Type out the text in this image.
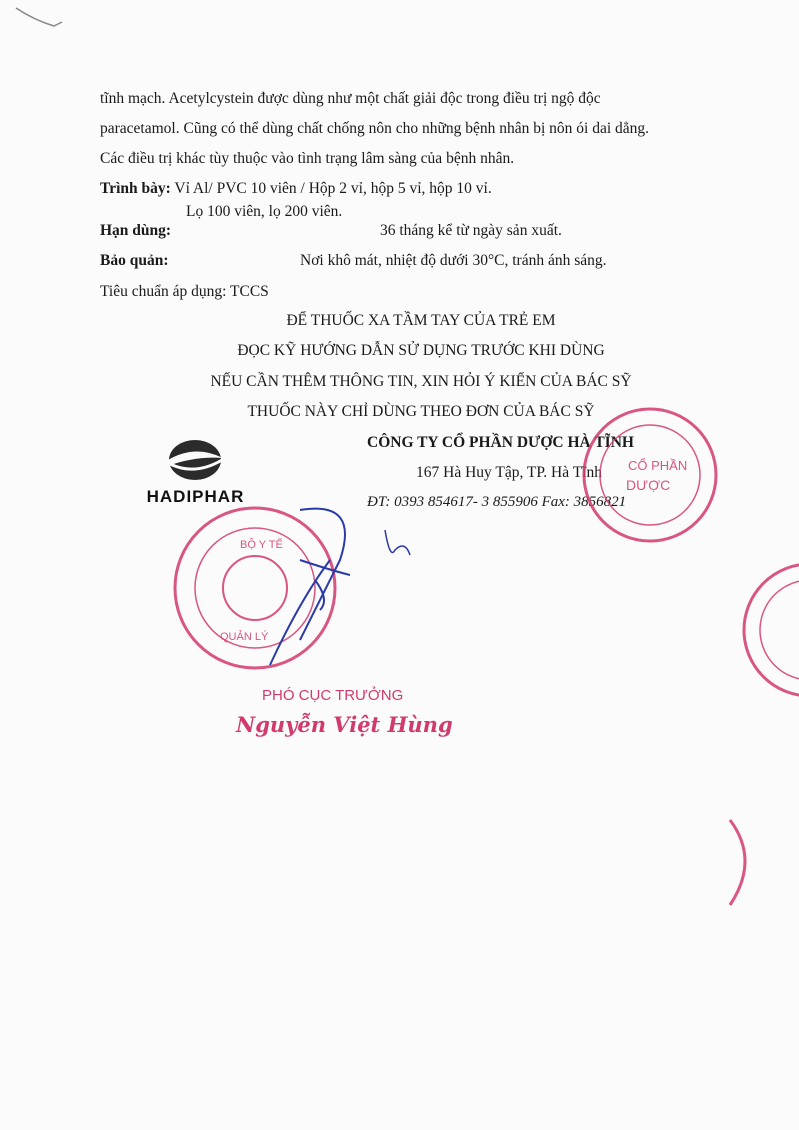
tĩnh mạch. Acetylcystein được dùng như một chất giải độc trong điều trị ngộ độc
paracetamol. Cũng có thể dùng chất chống nôn cho những bệnh nhân bị nôn ói dai dẳng.
Các điều trị khác tùy thuộc vào tình trạng lâm sàng của bệnh nhân.
Trình bày: Vỉ Al/ PVC 10 viên / Hộp 2 vỉ, hộp 5 vỉ, hộp 10 vỉ.
Lọ 100 viên, lọ 200 viên.
Hạn dùng:	36 tháng kể từ ngày sản xuất.
Bảo quản:	Nơi khô mát, nhiệt độ dưới 30°C, tránh ánh sáng.
Tiêu chuẩn áp dụng: TCCS
ĐỂ THUỐC XA TẦM TAY CỦA TRẺ EM
ĐỌC KỸ HƯỚNG DẪN SỬ DỤNG TRƯỚC KHI DÙNG
NẾU CẦN THÊM THÔNG TIN, XIN HỎI Ý KIẾN CỦA BÁC SỸ
THUỐC NÀY CHỈ DÙNG THEO ĐƠN CỦA BÁC SỸ
HADIPHAR
CÔNG TY CỔ PHẦN DƯỢC HÀ TĨNH
167 Hà Huy Tập, TP. Hà Tĩnh
ĐT: 0393 854617- 3 855906 Fax: 3856821
CỔ PHẦN
DƯỢC
BỘ Y TẾ
QUẢN LÝ
PHÓ CỤC TRƯỞNG
Nguyễn Việt Hùng
